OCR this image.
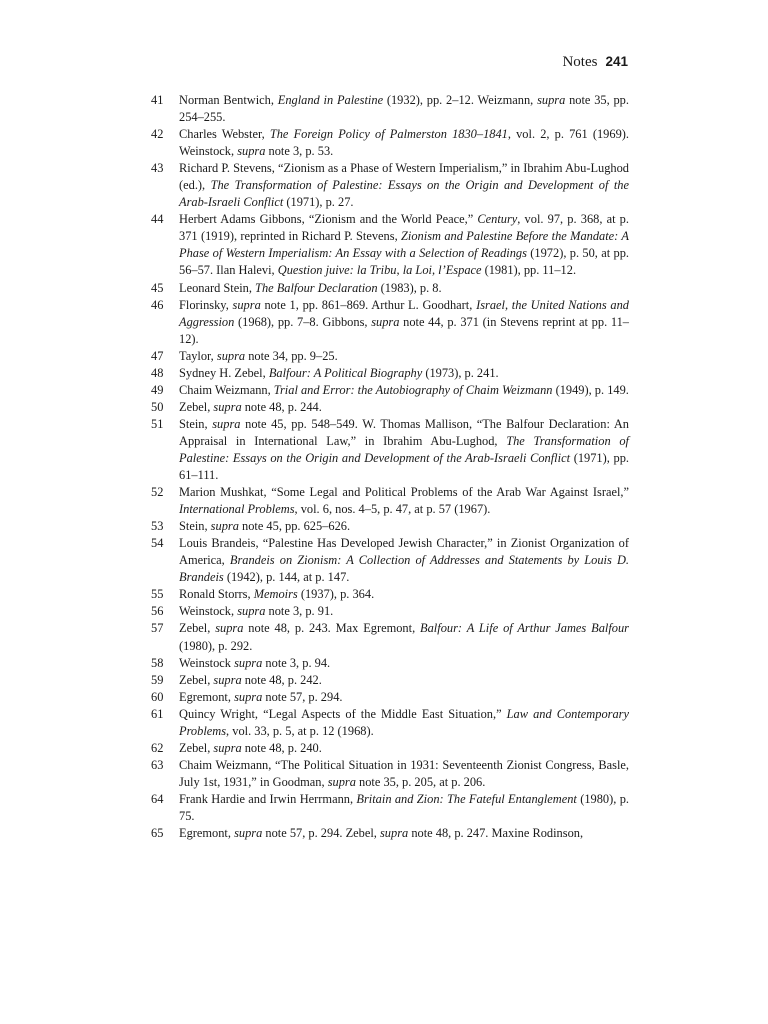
Notes 241
41	Norman Bentwich, England in Palestine (1932), pp. 2–12. Weizmann, supra note 35, pp. 254–255.
42	Charles Webster, The Foreign Policy of Palmerston 1830–1841, vol. 2, p. 761 (1969). Weinstock, supra note 3, p. 53.
43	Richard P. Stevens, “Zionism as a Phase of Western Imperialism,” in Ibrahim Abu-Lughod (ed.), The Transformation of Palestine: Essays on the Origin and Development of the Arab-Israeli Conflict (1971), p. 27.
44	Herbert Adams Gibbons, “Zionism and the World Peace,” Century, vol. 97, p. 368, at p. 371 (1919), reprinted in Richard P. Stevens, Zionism and Palestine Before the Mandate: A Phase of Western Imperialism: An Essay with a Selection of Readings (1972), p. 50, at pp. 56–57. Ilan Halevi, Question juive: la Tribu, la Loi, l’Espace (1981), pp. 11–12.
45	Leonard Stein, The Balfour Declaration (1983), p. 8.
46	Florinsky, supra note 1, pp. 861–869. Arthur L. Goodhart, Israel, the United Nations and Aggression (1968), pp. 7–8. Gibbons, supra note 44, p. 371 (in Stevens reprint at pp. 11–12).
47	Taylor, supra note 34, pp. 9–25.
48	Sydney H. Zebel, Balfour: A Political Biography (1973), p. 241.
49	Chaim Weizmann, Trial and Error: the Autobiography of Chaim Weizmann (1949), p. 149.
50	Zebel, supra note 48, p. 244.
51	Stein, supra note 45, pp. 548–549. W. Thomas Mallison, “The Balfour Declaration: An Appraisal in International Law,” in Ibrahim Abu-Lughod, The Transformation of Palestine: Essays on the Origin and Development of the Arab-Israeli Conflict (1971), pp. 61–111.
52	Marion Mushkat, “Some Legal and Political Problems of the Arab War Against Israel,” International Problems, vol. 6, nos. 4–5, p. 47, at p. 57 (1967).
53	Stein, supra note 45, pp. 625–626.
54	Louis Brandeis, “Palestine Has Developed Jewish Character,” in Zionist Organization of America, Brandeis on Zionism: A Collection of Addresses and Statements by Louis D. Brandeis (1942), p. 144, at p. 147.
55	Ronald Storrs, Memoirs (1937), p. 364.
56	Weinstock, supra note 3, p. 91.
57	Zebel, supra note 48, p. 243. Max Egremont, Balfour: A Life of Arthur James Balfour (1980), p. 292.
58	Weinstock supra note 3, p. 94.
59	Zebel, supra note 48, p. 242.
60	Egremont, supra note 57, p. 294.
61	Quincy Wright, “Legal Aspects of the Middle East Situation,” Law and Contemporary Problems, vol. 33, p. 5, at p. 12 (1968).
62	Zebel, supra note 48, p. 240.
63	Chaim Weizmann, “The Political Situation in 1931: Seventeenth Zionist Congress, Basle, July 1st, 1931,” in Goodman, supra note 35, p. 205, at p. 206.
64	Frank Hardie and Irwin Herrmann, Britain and Zion: The Fateful Entanglement (1980), p. 75.
65	Egremont, supra note 57, p. 294. Zebel, supra note 48, p. 247. Maxine Rodinson,
